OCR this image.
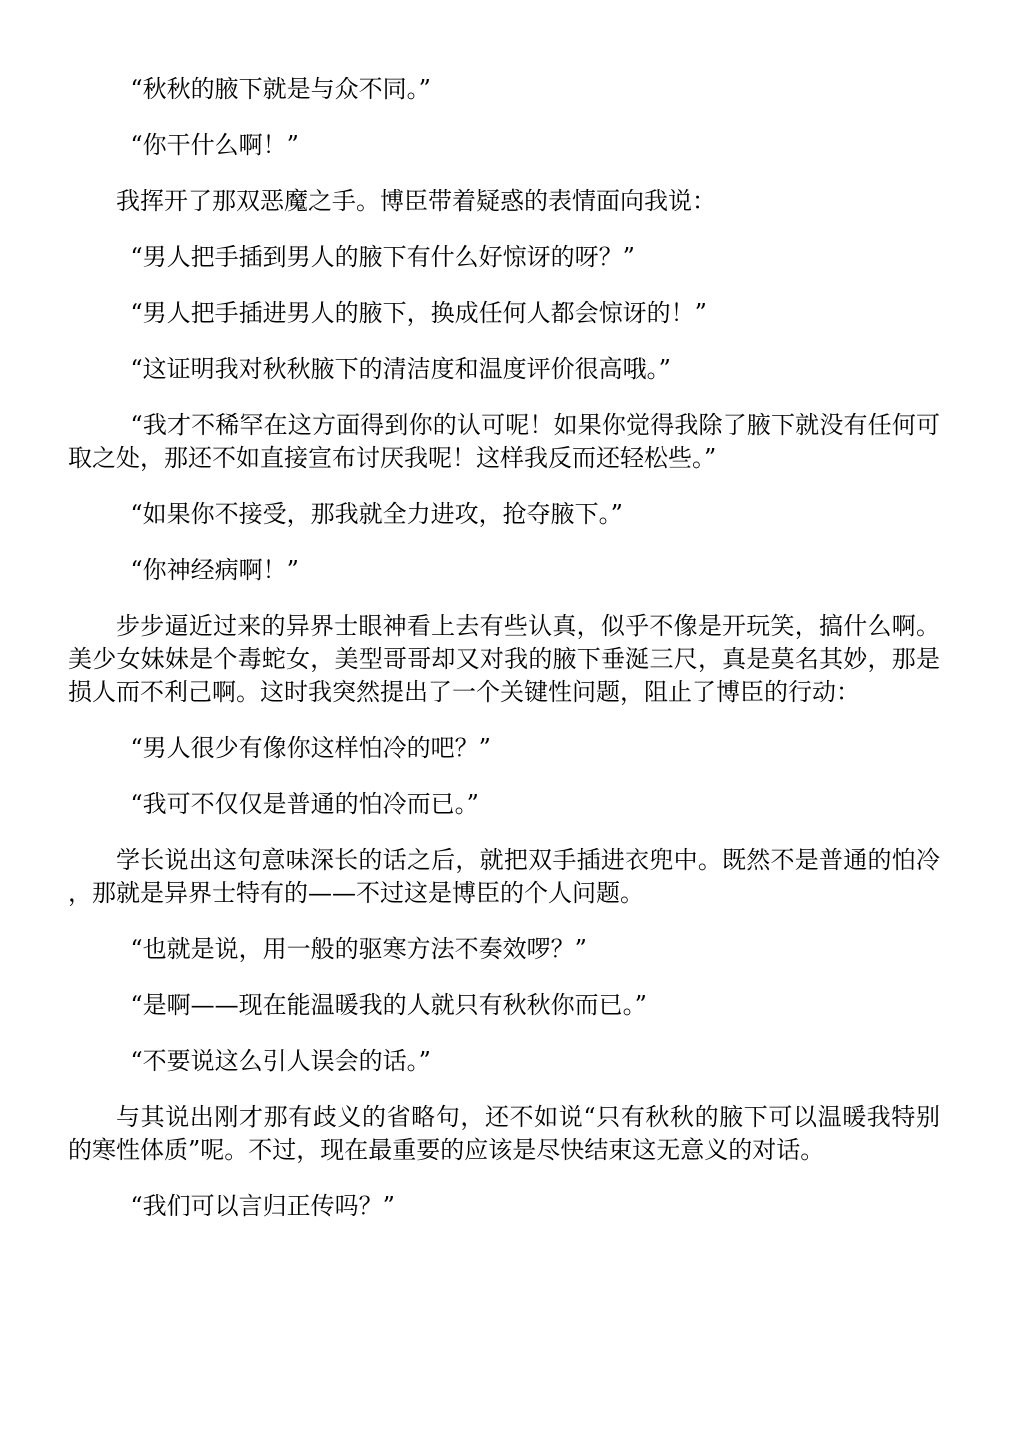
“秋秋的腋下就是与众不同。”

“你干什么啊！”

我挥开了那双恶魔之手。博臣带着疑惑的表情面向我说：

“男人把手插到男人的腋下有什么好惊讶的呀？”

“男人把手插进男人的腋下，换成任何人都会惊讶的！”

“这证明我对秋秋腋下的清洁度和温度评价很高哦。”

“我才不稀罕在这方面得到你的认可呢！如果你觉得我除了腋下就没有任何可取之处，那还不如直接宣布讨厌我呢！这样我反而还轻松些。”

“如果你不接受，那我就全力进攻，抢夺腋下。”

“你神经病啊！”

步步逼近过来的异界士眼神看上去有些认真，似乎不像是开玩笑，搞什么啊。美少女妹妹是个毒蛇女，美型哥哥却又对我的腋下垂涎三尺，真是莫名其妙，那是损人而不利己啊。这时我突然提出了一个关键性问题，阻止了博臣的行动：

“男人很少有像你这样怕冷的吧？”

“我可不仅仅是普通的怕冷而已。”

学长说出这句意味深长的话之后，就把双手插进衣兜中。既然不是普通的怕冷，那就是异界士特有的——不过这是博臣的个人问题。

“也就是说，用一般的驱寒方法不奏效啰？”

“是啊——现在能温暖我的人就只有秋秋你而已。”

“不要说这么引人误会的话。”

与其说出刚才那有歧义的省略句，还不如说“只有秋秋的腋下可以温暖我特别的寒性体质”呢。不过，现在最重要的应该是尽快结束这无意义的对话。

“我们可以言归正传吗？”
